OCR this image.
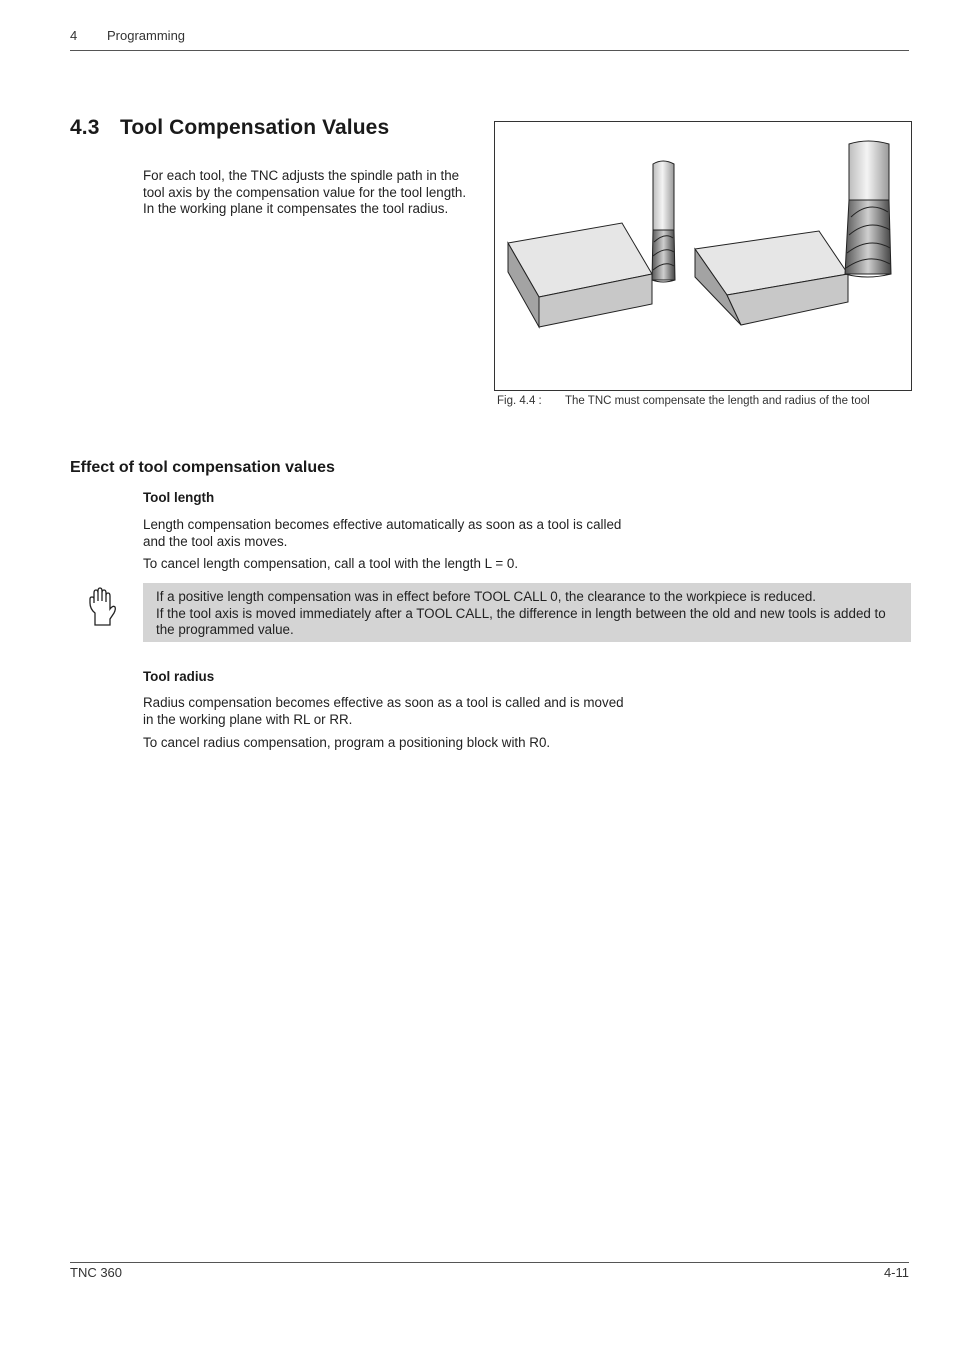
4 Programming
4.3 Tool Compensation Values
For each tool, the TNC adjusts the spindle path in the tool axis by the compensation value for the tool length. In the working plane it compensates the tool radius.
Fig. 4.4 : The TNC must compensate the length and radius of the tool
Effect of tool compensation values
Tool length
Length compensation becomes effective automatically as soon as a tool is called and the tool axis moves.
To cancel length compensation, call a tool with the length L = 0.
If a positive length compensation was in effect before TOOL CALL 0, the clearance to the workpiece is reduced.
If the tool axis is moved immediately after a TOOL CALL, the difference in length between the old and new tools is added to the programmed value.
Tool radius
Radius compensation becomes effective as soon as a tool is called and is moved in the working plane with RL or RR.
To cancel radius compensation, program a positioning block with R0.
TNC 360	4-11
